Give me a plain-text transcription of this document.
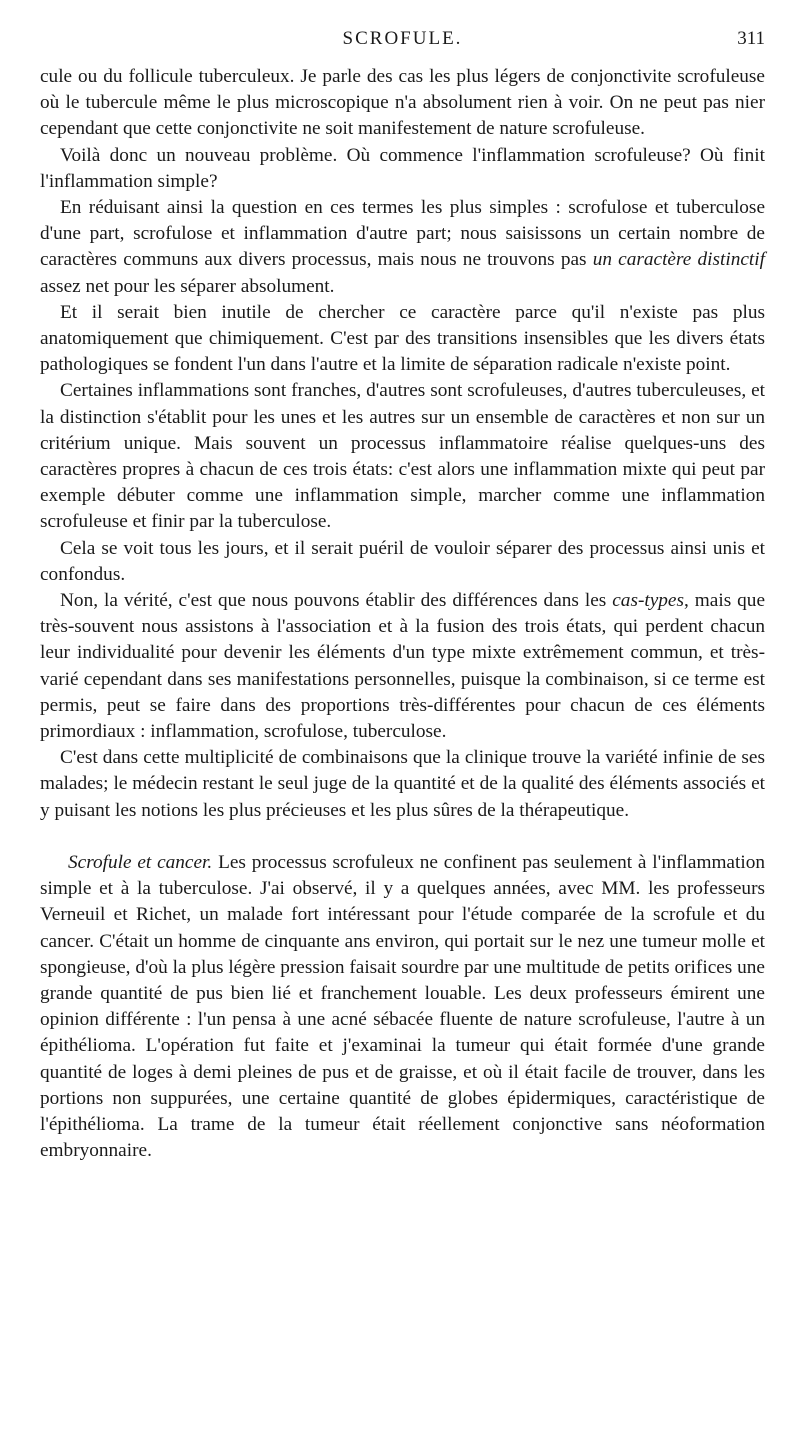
SCROFULE.	311

cule ou du follicule tuberculeux. Je parle des cas les plus légers de conjonctivite scrofuleuse où le tubercule même le plus microscopique n'a absolument rien à voir. On ne peut pas nier cependant que cette conjonctivite ne soit manifestement de nature scrofuleuse.

Voilà donc un nouveau problème. Où commence l'inflammation scrofuleuse? Où finit l'inflammation simple?

En réduisant ainsi la question en ces termes les plus simples : scrofulose et tuberculose d'une part, scrofulose et inflammation d'autre part; nous saisissons un certain nombre de caractères communs aux divers processus, mais nous ne trouvons pas un caractère distinctif assez net pour les séparer absolument.

Et il serait bien inutile de chercher ce caractère parce qu'il n'existe pas plus anatomiquement que chimiquement. C'est par des transitions insensibles que les divers états pathologiques se fondent l'un dans l'autre et la limite de séparation radicale n'existe point.

Certaines inflammations sont franches, d'autres sont scrofuleuses, d'autres tuberculeuses, et la distinction s'établit pour les unes et les autres sur un ensemble de caractères et non sur un critérium unique. Mais souvent un processus inflammatoire réalise quelques-uns des caractères propres à chacun de ces trois états: c'est alors une inflammation mixte qui peut par exemple débuter comme une inflammation simple, marcher comme une inflammation scrofuleuse et finir par la tuberculose.

Cela se voit tous les jours, et il serait puéril de vouloir séparer des processus ainsi unis et confondus.

Non, la vérité, c'est que nous pouvons établir des différences dans les cas-types, mais que très-souvent nous assistons à l'association et à la fusion des trois états, qui perdent chacun leur individualité pour devenir les éléments d'un type mixte extrêmement commun, et très-varié cependant dans ses manifestations personnelles, puisque la combinaison, si ce terme est permis, peut se faire dans des proportions très-différentes pour chacun de ces éléments primordiaux : inflammation, scrofulose, tuberculose.

C'est dans cette multiplicité de combinaisons que la clinique trouve la variété infinie de ses malades; le médecin restant le seul juge de la quantité et de la qualité des éléments associés et y puisant les notions les plus précieuses et les plus sûres de la thérapeutique.

Scrofule et cancer. Les processus scrofuleux ne confinent pas seulement à l'inflammation simple et à la tuberculose. J'ai observé, il y a quelques années, avec MM. les professeurs Verneuil et Richet, un malade fort intéressant pour l'étude comparée de la scrofule et du cancer. C'était un homme de cinquante ans environ, qui portait sur le nez une tumeur molle et spongieuse, d'où la plus légère pression faisait sourdre par une multitude de petits orifices une grande quantité de pus bien lié et franchement louable. Les deux professeurs émirent une opinion différente : l'un pensa à une acné sébacée fluente de nature scrofuleuse, l'autre à un épithélioma. L'opération fut faite et j'examinai la tumeur qui était formée d'une grande quantité de loges à demi pleines de pus et de graisse, et où il était facile de trouver, dans les portions non suppurées, une certaine quantité de globes épidermiques, caractéristique de l'épithélioma. La trame de la tumeur était réellement conjonctive sans néoformation embryonnaire.
